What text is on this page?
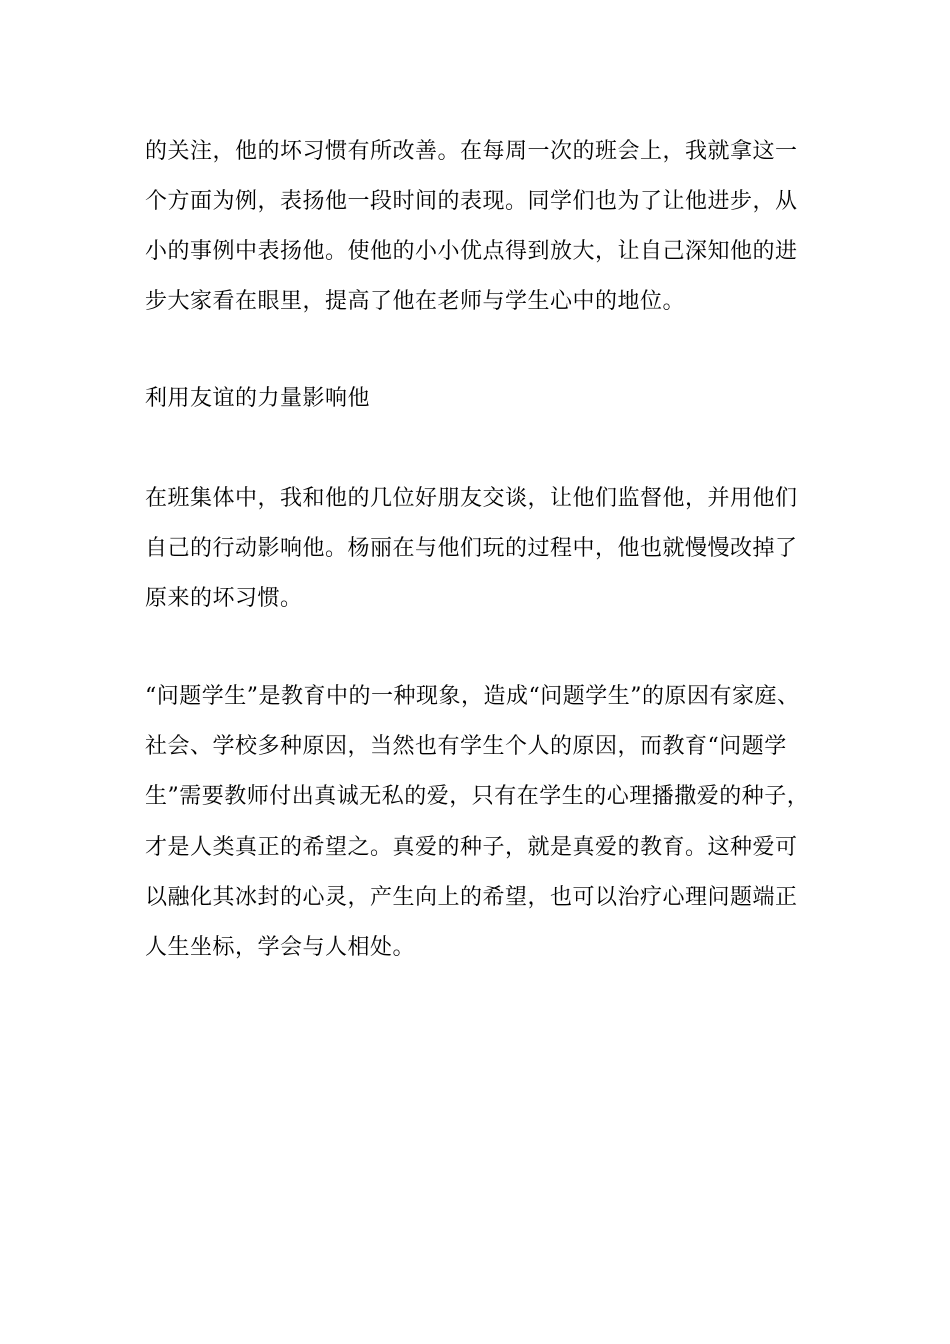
的关注，他的坏习惯有所改善。在每周一次的班会上，我就拿这一
个方面为例，表扬他一段时间的表现。同学们也为了让他进步，从
小的事例中表扬他。使他的小小优点得到放大，让自己深知他的进
步大家看在眼里，提高了他在老师与学生心中的地位。
利用友谊的力量影响他
在班集体中，我和他的几位好朋友交谈，让他们监督他，并用他们
自己的行动影响他。杨丽在与他们玩的过程中，他也就慢慢改掉了
原来的坏习惯。
“问题学生”是教育中的一种现象，造成“问题学生”的原因有家庭、
社会、学校多种原因，当然也有学生个人的原因，而教育“问题学
生”需要教师付出真诚无私的爱，只有在学生的心理播撒爱的种子，
才是人类真正的希望之。真爱的种子，就是真爱的教育。这种爱可
以融化其冰封的心灵，产生向上的希望，也可以治疗心理问题端正
人生坐标，学会与人相处。
